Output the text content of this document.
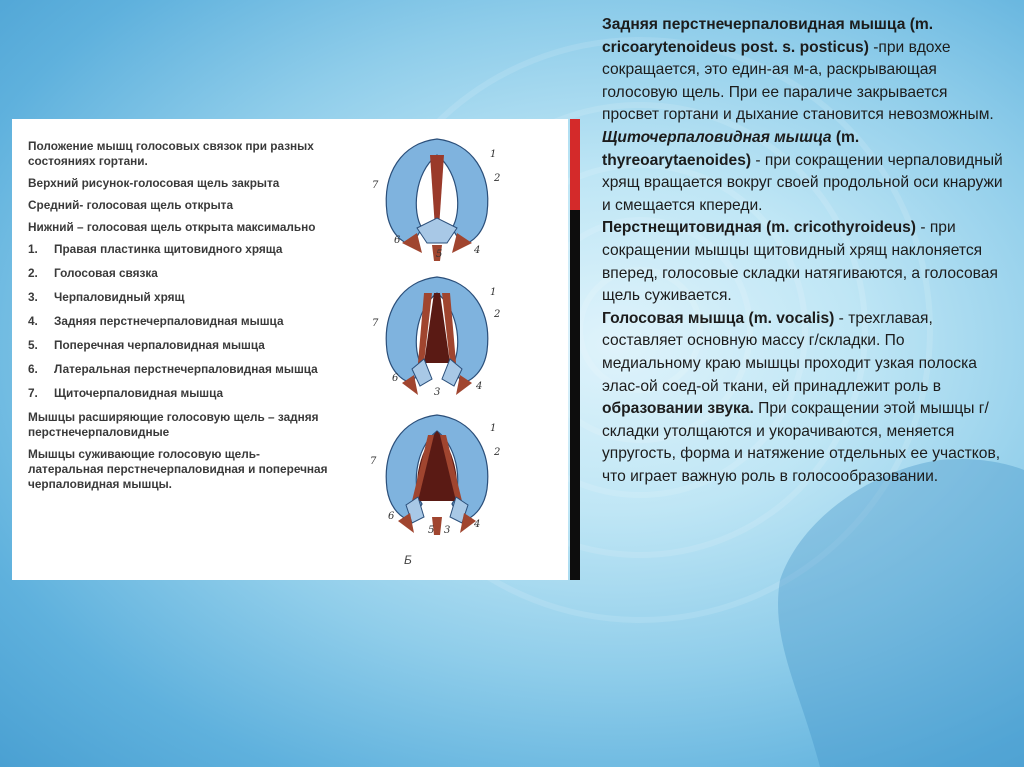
Положение мышц голосовых связок при разных состояниях гортани.

Верхний рисунок-голосовая щель закрыта

Средний- голосовая щель открыта

Нижний – голосовая щель открыта максимально

1.	Правая пластинка щитовидного хряща
2.	Голосовая связка
3.	Черпаловидный хрящ
4.	Задняя перстнечерпаловидная мышца
5.	Поперечная черпаловидная мышца
6.	Латеральная перстнечерпаловидная мышца
7.	Щиточерпаловидная мышца

Мышцы расширяющие голосовую щель – задняя перстнечерпаловидные

Мышцы суживающие голосовую щель- латеральная перстнечерпаловидная и поперечная черпаловидная мышцы.

1
2
7
6
5	4
1
2
7
6
3
4
1
2
7
6
5 3
4
Б

Задняя перстнечерпаловидная мышца (m. cricoarytenoideus post. s. posticus) -при вдохе сокращается, это един-ая м-а, раскрывающая голосовую щель. При ее параличе закрывается просвет гортани и дыхание становится невозможным.

Щиточерпаловидная мышца (m. thyreoarytaenoides) - при сокращении черпаловидный хрящ вращается вокруг своей продольной оси кнаружи и смещается кпереди.

Перстнещитовидная (m. cricothyroideus) - при сокращении мышцы щитовидный хрящ наклоняется вперед, голосовые складки натягиваются, а голосовая щель суживается.

Голосовая мышца (m. vocalis) - трехглавая, составляет основную массу г/складки. По медиальному краю мышцы проходит узкая полоска элас-ой соед-ой ткани, ей принадлежит роль в образовании звука. При сокращении этой мышцы г/складки утолщаются и укорачиваются, меняется упругость, форма и натяжение отдельных ее участков, что играет важную роль в голосообразовании.
